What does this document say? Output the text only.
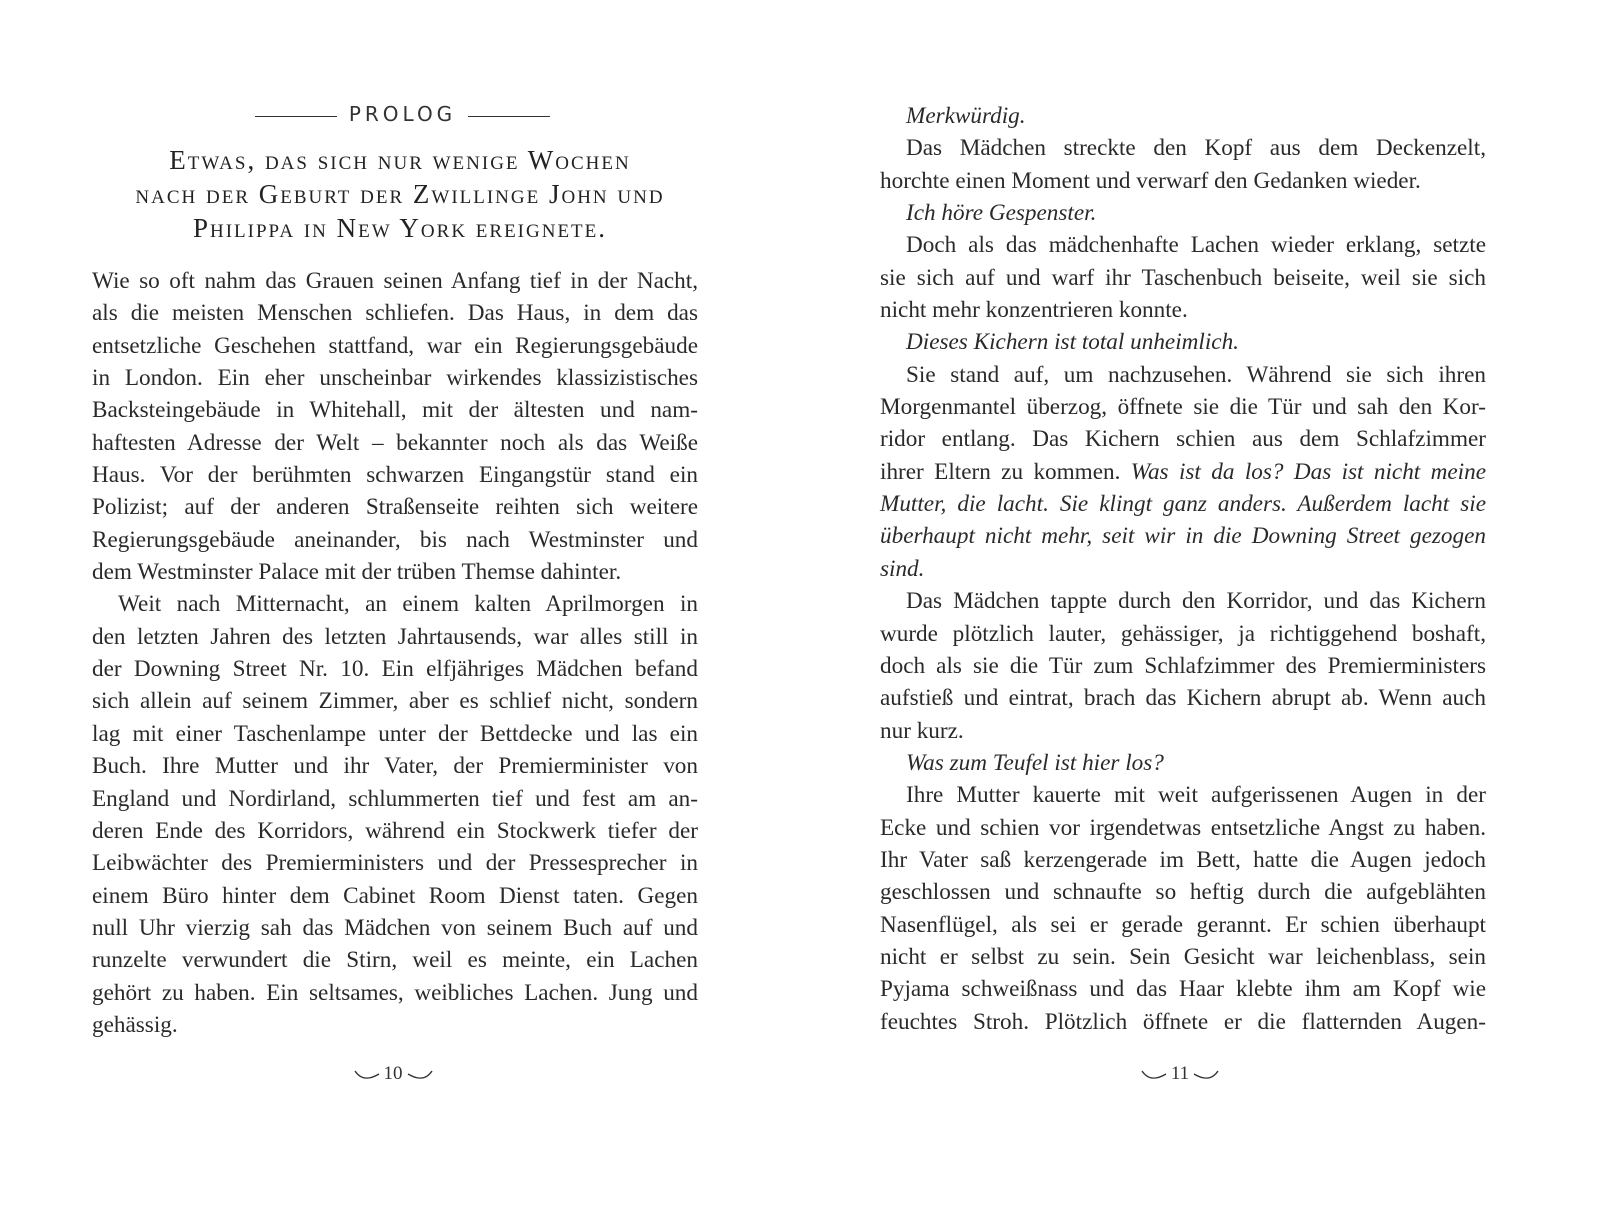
PROLOG
Etwas, das sich nur wenige Wochen
nach der Geburt der Zwillinge John und
Philippa in New York ereignete.
Wie so oft nahm das Grauen seinen Anfang tief in der Nacht,
als die meisten Menschen schliefen. Das Haus, in dem das
entsetzliche Geschehen stattfand, war ein Regierungsgebäude
in London. Ein eher unscheinbar wirkendes klassizistisches
Backsteingebäude in Whitehall, mit der ältesten und nam-
haftesten Adresse der Welt – bekannter noch als das Weiße
Haus. Vor der berühmten schwarzen Eingangstür stand ein
Polizist; auf der anderen Straßenseite reihten sich weitere
Regierungsgebäude aneinander, bis nach Westminster und
dem Westminster Palace mit der trüben Themse dahinter.
Weit nach Mitternacht, an einem kalten Aprilmorgen in
den letzten Jahren des letzten Jahrtausends, war alles still in
der Downing Street Nr. 10. Ein elfjähriges Mädchen befand
sich allein auf seinem Zimmer, aber es schlief nicht, sondern
lag mit einer Taschenlampe unter der Bettdecke und las ein
Buch. Ihre Mutter und ihr Vater, der Premierminister von
England und Nordirland, schlummerten tief und fest am an-
deren Ende des Korridors, während ein Stockwerk tiefer der
Leibwächter des Premierministers und der Pressesprecher in
einem Büro hinter dem Cabinet Room Dienst taten. Gegen
null Uhr vierzig sah das Mädchen von seinem Buch auf und
runzelte verwundert die Stirn, weil es meinte, ein Lachen
gehört zu haben. Ein seltsames, weibliches Lachen. Jung und
gehässig.
10
Merkwürdig.
Das Mädchen streckte den Kopf aus dem Deckenzelt,
horchte einen Moment und verwarf den Gedanken wieder.
Ich höre Gespenster.
Doch als das mädchenhafte Lachen wieder erklang, setzte
sie sich auf und warf ihr Taschenbuch beiseite, weil sie sich
nicht mehr konzentrieren konnte.
Dieses Kichern ist total unheimlich.
Sie stand auf, um nachzusehen. Während sie sich ihren
Morgenmantel überzog, öffnete sie die Tür und sah den Kor-
ridor entlang. Das Kichern schien aus dem Schlafzimmer
ihrer Eltern zu kommen. Was ist da los? Das ist nicht meine
Mutter, die lacht. Sie klingt ganz anders. Außerdem lacht sie
überhaupt nicht mehr, seit wir in die Downing Street gezogen
sind.
Das Mädchen tappte durch den Korridor, und das Kichern
wurde plötzlich lauter, gehässiger, ja richtiggehend boshaft,
doch als sie die Tür zum Schlafzimmer des Premierministers
aufstieß und eintrat, brach das Kichern abrupt ab. Wenn auch
nur kurz.
Was zum Teufel ist hier los?
Ihre Mutter kauerte mit weit aufgerissenen Augen in der
Ecke und schien vor irgendetwas entsetzliche Angst zu haben.
Ihr Vater saß kerzengerade im Bett, hatte die Augen jedoch
geschlossen und schnaufte so heftig durch die aufgeblähten
Nasenflügel, als sei er gerade gerannt. Er schien überhaupt
nicht er selbst zu sein. Sein Gesicht war leichenblass, sein
Pyjama schweißnass und das Haar klebte ihm am Kopf wie
feuchtes Stroh. Plötzlich öffnete er die flatternden Augen-
11
